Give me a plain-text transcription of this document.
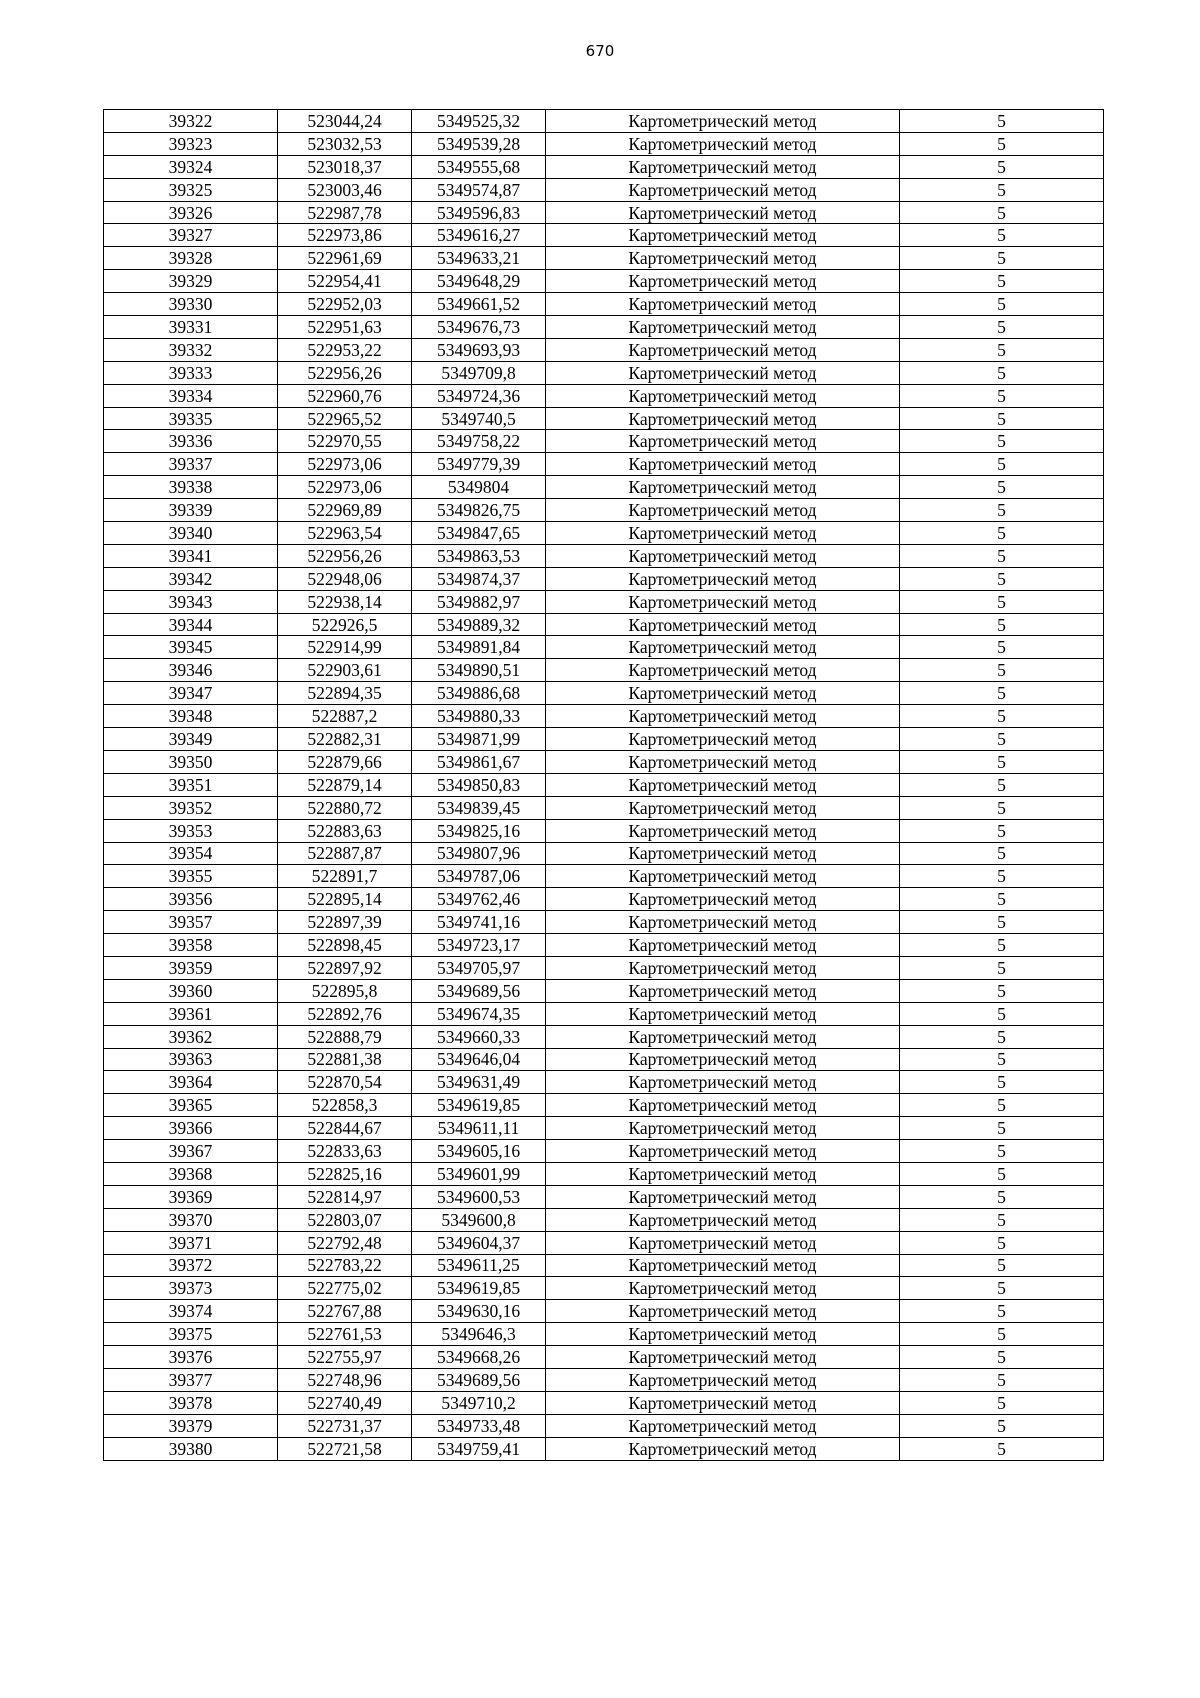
670
39322	523044,24	5349525,32	Картометрический метод	5
39323	523032,53	5349539,28	Картометрический метод	5
39324	523018,37	5349555,68	Картометрический метод	5
39325	523003,46	5349574,87	Картометрический метод	5
39326	522987,78	5349596,83	Картометрический метод	5
39327	522973,86	5349616,27	Картометрический метод	5
39328	522961,69	5349633,21	Картометрический метод	5
39329	522954,41	5349648,29	Картометрический метод	5
39330	522952,03	5349661,52	Картометрический метод	5
39331	522951,63	5349676,73	Картометрический метод	5
39332	522953,22	5349693,93	Картометрический метод	5
39333	522956,26	5349709,8	Картометрический метод	5
39334	522960,76	5349724,36	Картометрический метод	5
39335	522965,52	5349740,5	Картометрический метод	5
39336	522970,55	5349758,22	Картометрический метод	5
39337	522973,06	5349779,39	Картометрический метод	5
39338	522973,06	5349804	Картометрический метод	5
39339	522969,89	5349826,75	Картометрический метод	5
39340	522963,54	5349847,65	Картометрический метод	5
39341	522956,26	5349863,53	Картометрический метод	5
39342	522948,06	5349874,37	Картометрический метод	5
39343	522938,14	5349882,97	Картометрический метод	5
39344	522926,5	5349889,32	Картометрический метод	5
39345	522914,99	5349891,84	Картометрический метод	5
39346	522903,61	5349890,51	Картометрический метод	5
39347	522894,35	5349886,68	Картометрический метод	5
39348	522887,2	5349880,33	Картометрический метод	5
39349	522882,31	5349871,99	Картометрический метод	5
39350	522879,66	5349861,67	Картометрический метод	5
39351	522879,14	5349850,83	Картометрический метод	5
39352	522880,72	5349839,45	Картометрический метод	5
39353	522883,63	5349825,16	Картометрический метод	5
39354	522887,87	5349807,96	Картометрический метод	5
39355	522891,7	5349787,06	Картометрический метод	5
39356	522895,14	5349762,46	Картометрический метод	5
39357	522897,39	5349741,16	Картометрический метод	5
39358	522898,45	5349723,17	Картометрический метод	5
39359	522897,92	5349705,97	Картометрический метод	5
39360	522895,8	5349689,56	Картометрический метод	5
39361	522892,76	5349674,35	Картометрический метод	5
39362	522888,79	5349660,33	Картометрический метод	5
39363	522881,38	5349646,04	Картометрический метод	5
39364	522870,54	5349631,49	Картометрический метод	5
39365	522858,3	5349619,85	Картометрический метод	5
39366	522844,67	5349611,11	Картометрический метод	5
39367	522833,63	5349605,16	Картометрический метод	5
39368	522825,16	5349601,99	Картометрический метод	5
39369	522814,97	5349600,53	Картометрический метод	5
39370	522803,07	5349600,8	Картометрический метод	5
39371	522792,48	5349604,37	Картометрический метод	5
39372	522783,22	5349611,25	Картометрический метод	5
39373	522775,02	5349619,85	Картометрический метод	5
39374	522767,88	5349630,16	Картометрический метод	5
39375	522761,53	5349646,3	Картометрический метод	5
39376	522755,97	5349668,26	Картометрический метод	5
39377	522748,96	5349689,56	Картометрический метод	5
39378	522740,49	5349710,2	Картометрический метод	5
39379	522731,37	5349733,48	Картометрический метод	5
39380	522721,58	5349759,41	Картометрический метод	5
